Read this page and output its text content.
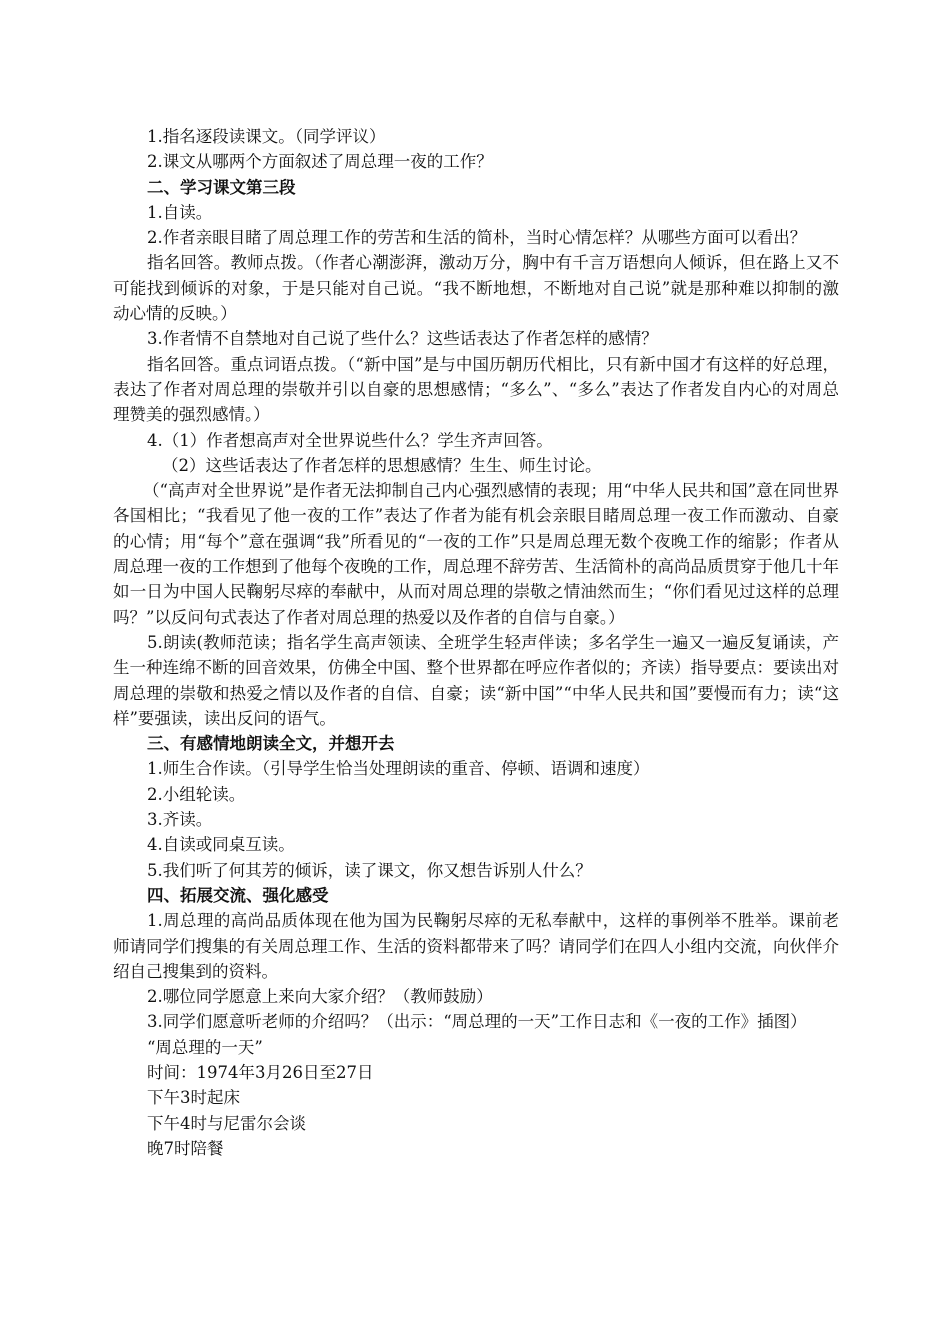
1.指名逐段读课文。（同学评议）

2.课文从哪两个方面叙述了周总理一夜的工作？

二、学习课文第三段

1.自读。

2.作者亲眼目睹了周总理工作的劳苦和生活的简朴，当时心情怎样？从哪些方面可以看出？

指名回答。教师点拨。（作者心潮澎湃，激动万分，胸中有千言万语想向人倾诉，但在路上又不可能找到倾诉的对象，于是只能对自己说。“我不断地想，不断地对自己说”就是那种难以抑制的激动心情的反映。）

3.作者情不自禁地对自己说了些什么？这些话表达了作者怎样的感情？

指名回答。重点词语点拨。（“新中国”是与中国历朝历代相比，只有新中国才有这样的好总理，表达了作者对周总理的崇敬并引以自豪的思想感情；“多么”、“多么”表达了作者发自内心的对周总理赞美的强烈感情。）

4.（1）作者想高声对全世界说些什么？学生齐声回答。

（2）这些话表达了作者怎样的思想感情？生生、师生讨论。

（“高声对全世界说”是作者无法抑制自己内心强烈感情的表现；用“中华人民共和国”意在同世界各国相比；“我看见了他一夜的工作”表达了作者为能有机会亲眼目睹周总理一夜工作而激动、自豪的心情；用“每个”意在强调“我”所看见的“一夜的工作”只是周总理无数个夜晚工作的缩影；作者从周总理一夜的工作想到了他每个夜晚的工作，周总理不辞劳苦、生活简朴的高尚品质贯穿于他几十年如一日为中国人民鞠躬尽瘁的奉献中，从而对周总理的崇敬之情油然而生；“你们看见过这样的总理吗？”以反问句式表达了作者对周总理的热爱以及作者的自信与自豪。）

5.朗读(教师范读；指名学生高声领读、全班学生轻声伴读；多名学生一遍又一遍反复诵读，产生一种连绵不断的回音效果，仿佛全中国、整个世界都在呼应作者似的；齐读）指导要点：要读出对周总理的崇敬和热爱之情以及作者的自信、自豪；读“新中国”“中华人民共和国”要慢而有力；读“这样”要强读，读出反问的语气。

三、有感情地朗读全文，并想开去

1.师生合作读。（引导学生恰当处理朗读的重音、停顿、语调和速度）

2.小组轮读。

3.齐读。

4.自读或同桌互读。

5.我们听了何其芳的倾诉，读了课文，你又想告诉别人什么？

四、拓展交流、强化感受

1.周总理的高尚品质体现在他为国为民鞠躬尽瘁的无私奉献中，这样的事例举不胜举。课前老师请同学们搜集的有关周总理工作、生活的资料都带来了吗？请同学们在四人小组内交流，向伙伴介绍自己搜集到的资料。

2.哪位同学愿意上来向大家介绍？（教师鼓励）

3.同学们愿意听老师的介绍吗？（出示：“周总理的一天”工作日志和《一夜的工作》插图）

“周总理的一天”

时间：1974年3月26日至27日

下午3时起床

下午4时与尼雷尔会谈

晚7时陪餐
